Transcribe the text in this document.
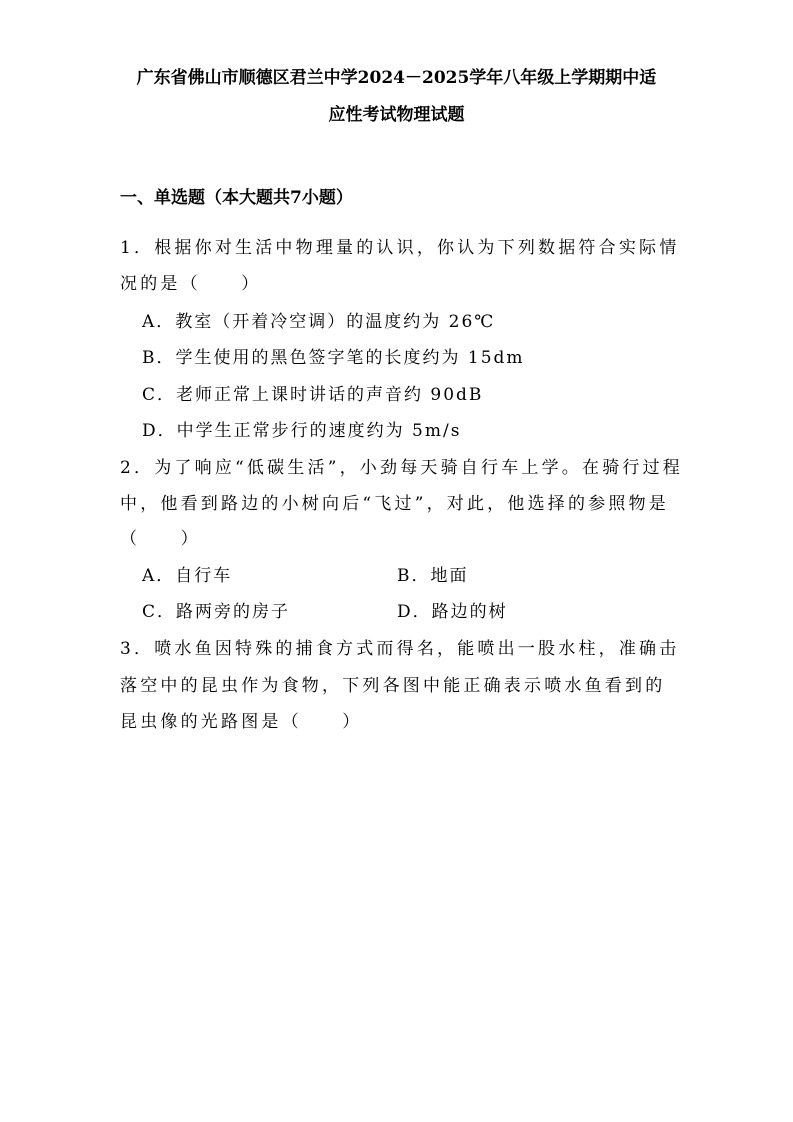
广东省佛山市顺德区君兰中学2024－2025学年八年级上学期期中适
应性考试物理试题
一、单选题（本大题共7小题）
1．根据你对生活中物理量的认识，你认为下列数据符合实际情
况的是（　　）
A．教室（开着冷空调）的温度约为 26℃
B．学生使用的黑色签字笔的长度约为 15dm
C．老师正常上课时讲话的声音约 90dB
D．中学生正常步行的速度约为 5m/s
2．为了响应“低碳生活”，小劲每天骑自行车上学。在骑行过程
中，他看到路边的小树向后“飞过”，对此，他选择的参照物是
（　　）
A．自行车	B．地面
C．路两旁的房子	D．路边的树
3．喷水鱼因特殊的捕食方式而得名，能喷出一股水柱，准确击
落空中的昆虫作为食物，下列各图中能正确表示喷水鱼看到的
昆虫像的光路图是（　　）
